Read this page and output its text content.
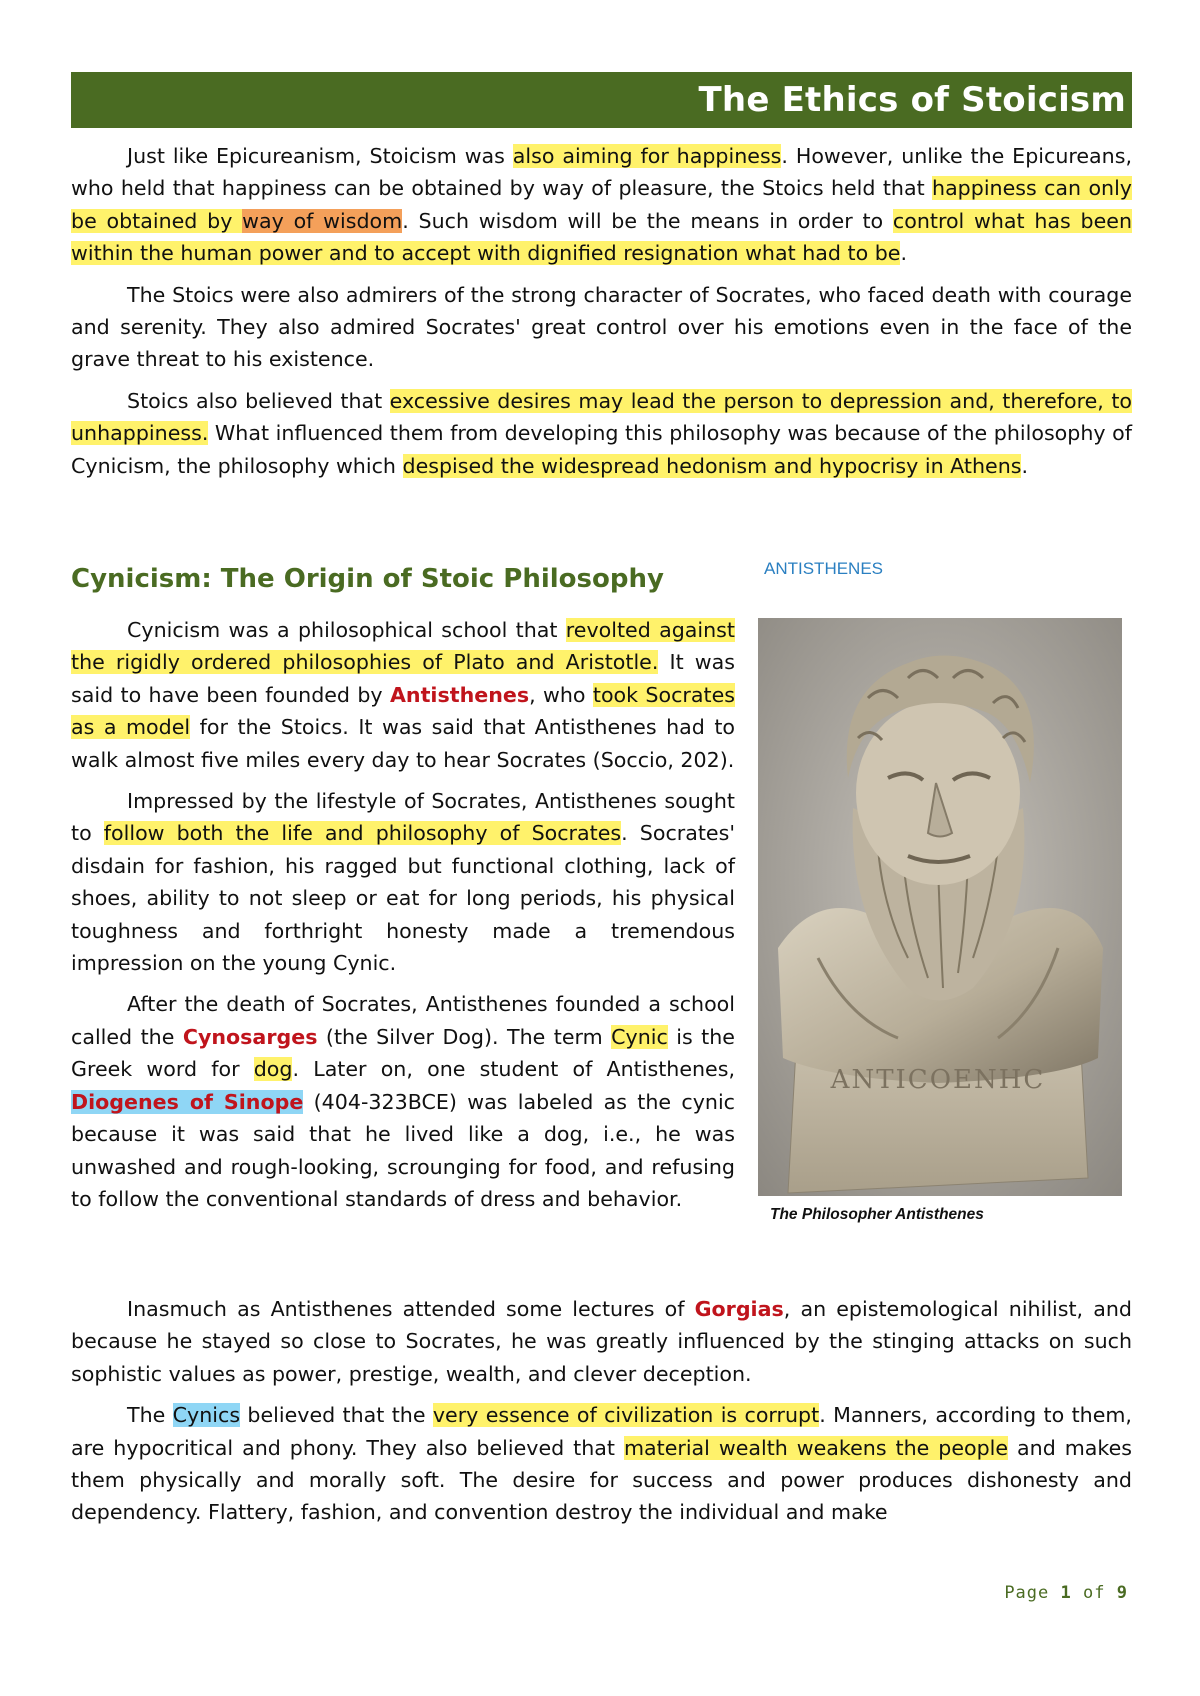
The Ethics of Stoicism

Just like Epicureanism, Stoicism was also aiming for happiness. However, unlike the Epicureans, who held that happiness can be obtained by way of pleasure, the Stoics held that happiness can only be obtained by way of wisdom. Such wisdom will be the means in order to control what has been within the human power and to accept with dignified resignation what had to be.

The Stoics were also admirers of the strong character of Socrates, who faced death with courage and serenity. They also admired Socrates' great control over his emotions even in the face of the grave threat to his existence.

Stoics also believed that excessive desires may lead the person to depression and, therefore, to unhappiness. What influenced them from developing this philosophy was because of the philosophy of Cynicism, the philosophy which despised the widespread hedonism and hypocrisy in Athens.

Cynicism: The Origin of Stoic Philosophy

Cynicism was a philosophical school that revolted against the rigidly ordered philosophies of Plato and Aristotle. It was said to have been founded by Antisthenes, who took Socrates as a model for the Stoics. It was said that Antisthenes had to walk almost five miles every day to hear Socrates (Soccio, 202).

Impressed by the lifestyle of Socrates, Antisthenes sought to follow both the life and philosophy of Socrates. Socrates' disdain for fashion, his ragged but functional clothing, lack of shoes, ability to not sleep or eat for long periods, his physical toughness and forthright honesty made a tremendous impression on the young Cynic.

After the death of Socrates, Antisthenes founded a school called the Cynosarges (the Silver Dog). The term Cynic is the Greek word for dog. Later on, one student of Antisthenes, Diogenes of Sinope (404-323BCE) was labeled as the cynic because it was said that he lived like a dog, i.e., he was unwashed and rough-looking, scrounging for food, and refusing to follow the conventional standards of dress and behavior.

ANTISTHENES
ANTICOENHC
The Philosopher Antisthenes

Inasmuch as Antisthenes attended some lectures of Gorgias, an epistemological nihilist, and because he stayed so close to Socrates, he was greatly influenced by the stinging attacks on such sophistic values as power, prestige, wealth, and clever deception.

The Cynics believed that the very essence of civilization is corrupt. Manners, according to them, are hypocritical and phony. They also believed that material wealth weakens the people and makes them physically and morally soft. The desire for success and power produces dishonesty and dependency. Flattery, fashion, and convention destroy the individual and make

Page 1 of 9
